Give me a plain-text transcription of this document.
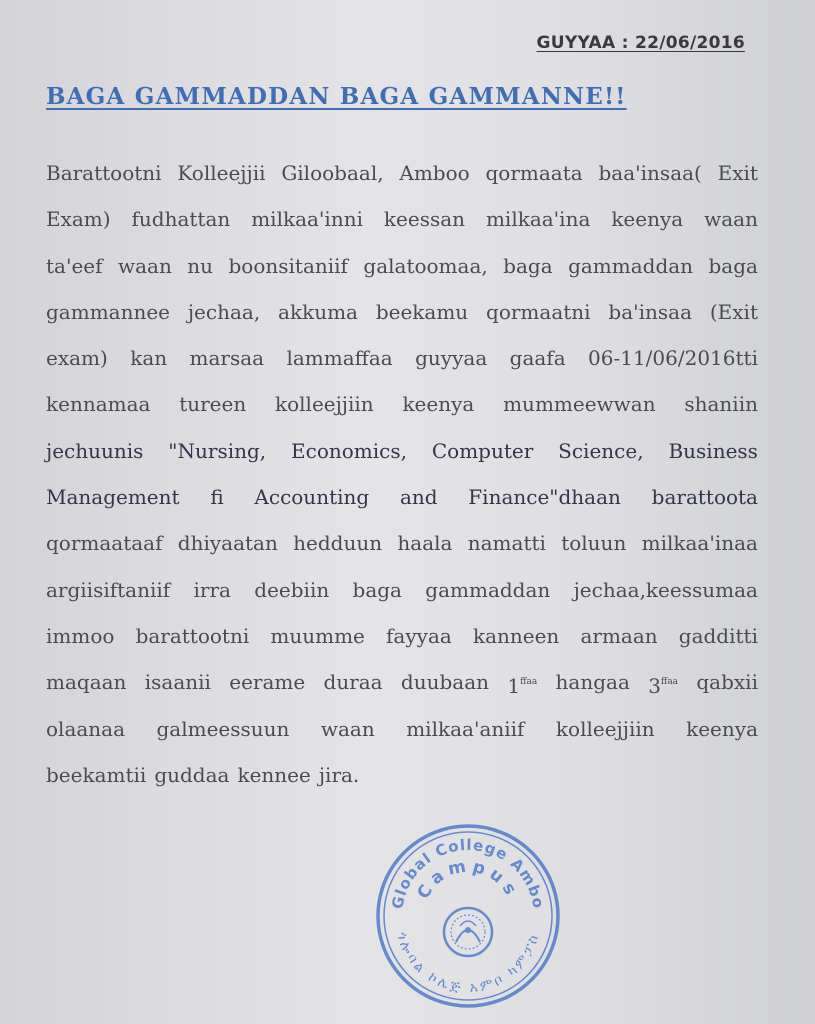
GUYYAA : 22/06/2016
BAGA GAMMADDAN BAGA GAMMANNE!!
Barattootni Kolleejjii Giloobaal, Amboo qormaata baa'insaa( Exit
Exam) fudhattan milkaa'inni keessan milkaa'ina keenya waan
ta'eef waan nu boonsitaniif galatoomaa, baga gammaddan baga
gammannee jechaa, akkuma beekamu qormaatni ba'insaa (Exit
exam) kan marsaa lammaffaa guyyaa gaafa 06-11/06/2016tti
kennamaa tureen kolleejjiin keenya mummeewwan shaniin
jechuunis "Nursing, Economics, Computer Science, Business
Management fi Accounting and Finance"dhaan barattoota
qormaataaf dhiyaatan hedduun haala namatti toluun milkaa'inaa
argiisiftaniif irra deebiin baga gammaddan jechaa,keessumaa
immoo barattootni muumme fayyaa kanneen armaan gadditti
maqaan isaanii eerame duraa duubaan $1^{ffaa}$ hangaa $3^{ffaa}$ qabxii
olaanaa galmeessuun waan milkaa'aniif kolleejjiin keenya
beekamtii guddaa kennee jira.
Global College Ambo
Campus
ጎሎባል ኮሌጅ አምቦ ካምፓስ
